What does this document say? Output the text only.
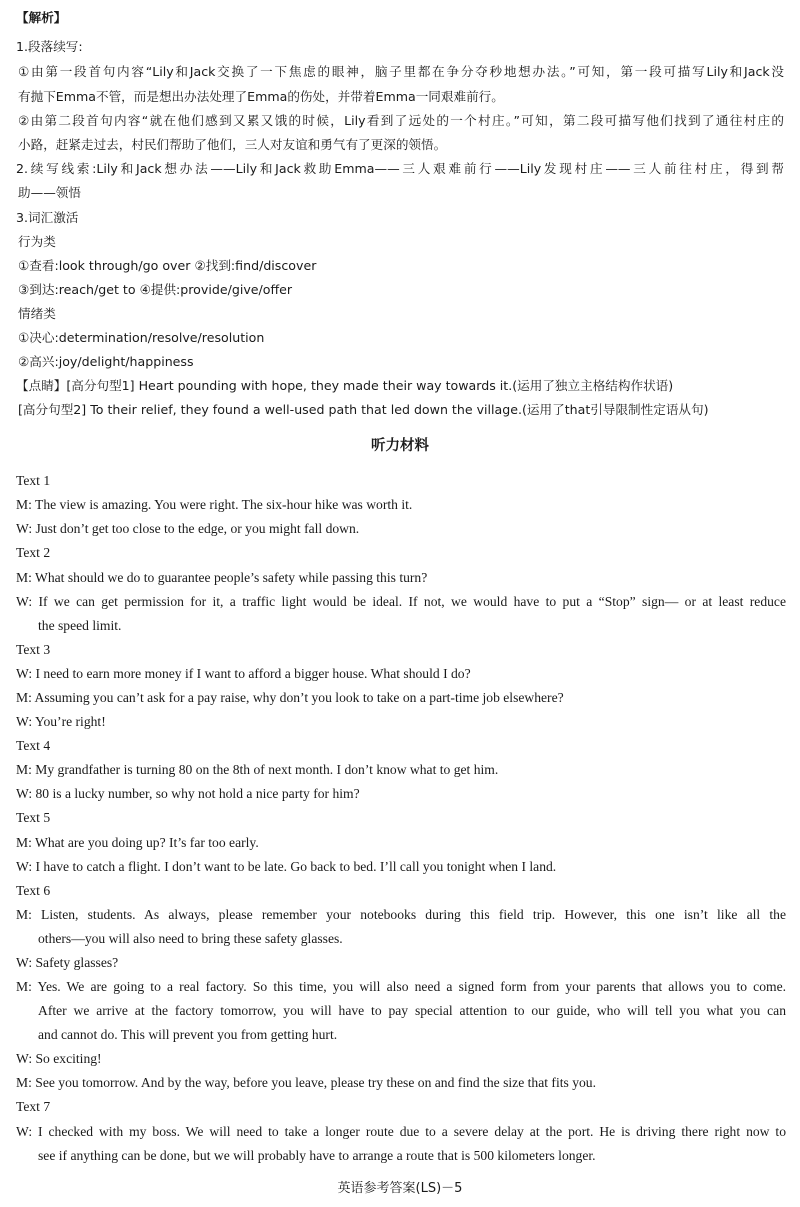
【解析】
1.段落续写:
①由第一段首句内容“Lily和Jack交换了一下焦虑的眼神，脑子里都在争分夺秒地想办法。”可知，第一段可描写Lily和Jack没
有抛下Emma不管，而是想出办法处理了Emma的伤处，并带着Emma一同艰难前行。
②由第二段首句内容“就在他们感到又累又饿的时候，Lily看到了远处的一个村庄。”可知，第二段可描写他们找到了通往村庄的
小路，赶紧走过去，村民们帮助了他们，三人对友谊和勇气有了更深的领悟。
2.续写线索:Lily和Jack想办法——Lily和Jack救助Emma——三人艰难前行——Lily发现村庄——三人前往村庄，得到帮
助——领悟
3.词汇激活
行为类
①查看:look through/go over ②找到:find/discover
③到达:reach/get to ④提供:provide/give/offer
情绪类
①决心:determination/resolve/resolution
②高兴:joy/delight/happiness
【点睛】[高分句型1] Heart pounding with hope, they made their way towards it.(运用了独立主格结构作状语)
[高分句型2] To their relief, they found a well-used path that led down the village.(运用了that引导限制性定语从句)
听力材料
Text 1
M: The view is amazing. You were right. The six-hour hike was worth it.
W: Just don’t get too close to the edge, or you might fall down.
Text 2
M: What should we do to guarantee people’s safety while passing this turn?
W: If we can get permission for it, a traffic light would be ideal. If not, we would have to put a “Stop” sign— or at least reduce
the speed limit.
Text 3
W: I need to earn more money if I want to afford a bigger house. What should I do?
M: Assuming you can’t ask for a pay raise, why don’t you look to take on a part-time job elsewhere?
W: You’re right!
Text 4
M: My grandfather is turning 80 on the 8th of next month. I don’t know what to get him.
W: 80 is a lucky number, so why not hold a nice party for him?
Text 5
M: What are you doing up? It’s far too early.
W: I have to catch a flight. I don’t want to be late. Go back to bed. I’ll call you tonight when I land.
Text 6
M: Listen, students. As always, please remember your notebooks during this field trip. However, this one isn’t like all the
others—you will also need to bring these safety glasses.
W: Safety glasses?
M: Yes. We are going to a real factory. So this time, you will also need a signed form from your parents that allows you to come.
After we arrive at the factory tomorrow, you will have to pay special attention to our guide, who will tell you what you can
and cannot do. This will prevent you from getting hurt.
W: So exciting!
M: See you tomorrow. And by the way, before you leave, please try these on and find the size that fits you.
Text 7
W: I checked with my boss. We will need to take a longer route due to a severe delay at the port. He is driving there right now to
see if anything can be done, but we will probably have to arrange a route that is 500 kilometers longer.
英语参考答案(LS)－5
